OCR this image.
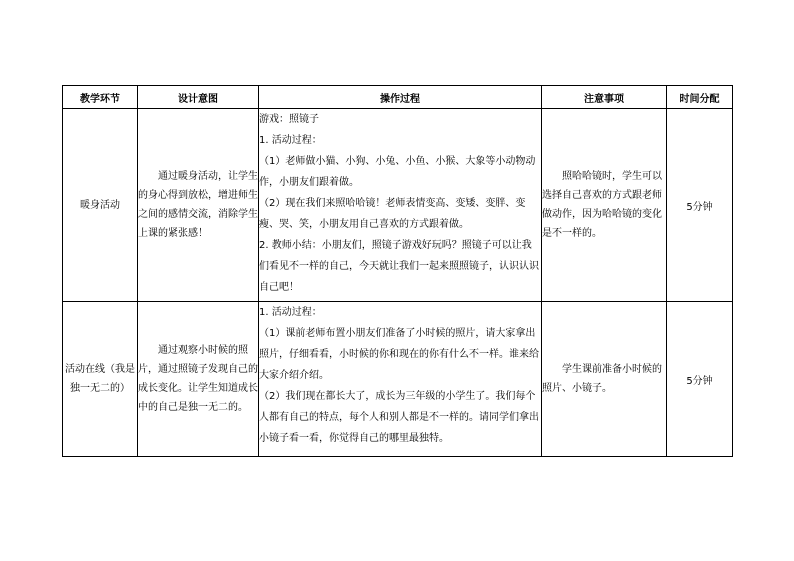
教学环节	设计意图	操作过程	注意事项	时间分配
暖身活动	通过暖身活动，让学生的身心得到放松，增进师生之间的感情交流，消除学生上课的紧张感！	游戏：照镜子

1. 活动过程：

（1）老师做小猫、小狗、小兔、小鱼、小猴、大象等小动物动作，小朋友们跟着做。

（2）现在我们来照哈哈镜！老师表情变高、变矮、变胖、变瘦、哭、笑，小朋友用自己喜欢的方式跟着做。

2. 教师小结：小朋友们，照镜子游戏好玩吗？照镜子可以让我们看见不一样的自己，今天就让我们一起来照照镜子，认识认识自己吧！	照哈哈镜时，学生可以选择自己喜欢的方式跟老师做动作，因为哈哈镜的变化是不一样的。	5分钟
活动在线（我是独一无二的）	通过观察小时候的照片，通过照镜子发现自己的成长变化。让学生知道成长中的自己是独一无二的。	1. 活动过程：

（1）课前老师布置小朋友们准备了小时候的照片，请大家拿出照片，仔细看看，小时候的你和现在的你有什么不一样。谁来给大家介绍介绍。

（2）我们现在都长大了，成长为三年级的小学生了。我们每个人都有自己的特点，每个人和别人都是不一样的。请同学们拿出小镜子看一看，你觉得自己的哪里最独特。	学生课前准备小时候的照片、小镜子。	5分钟
